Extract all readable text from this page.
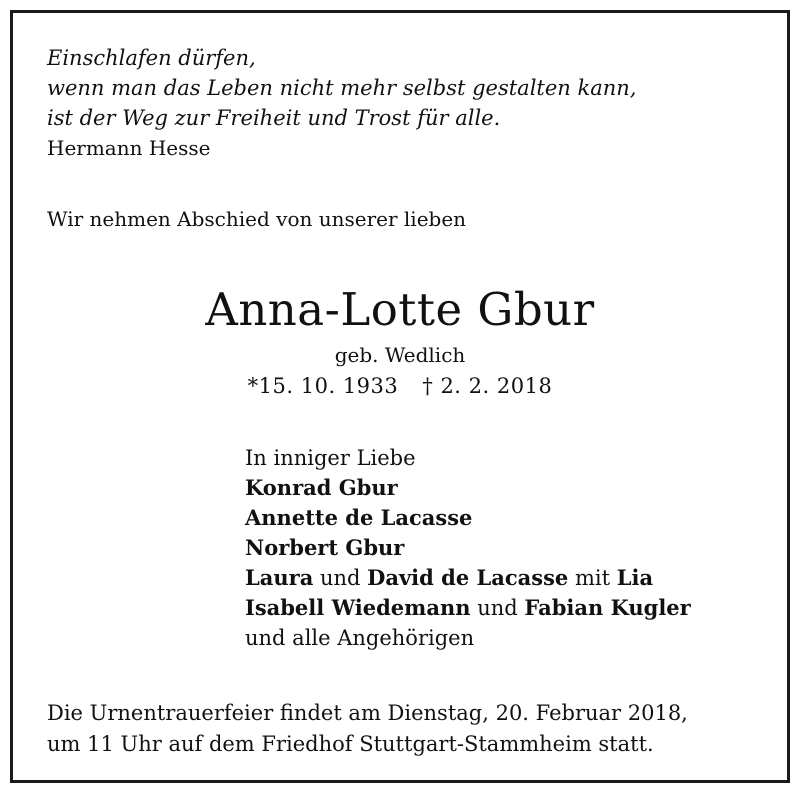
Einschlafen dürfen,
wenn man das Leben nicht mehr selbst gestalten kann,
ist der Weg zur Freiheit und Trost für alle.
Hermann Hesse
Wir nehmen Abschied von unserer lieben
Anna-Lotte Gbur
geb. Wedlich
*15. 10. 1933 † 2. 2. 2018
In inniger Liebe
Konrad Gbur
Annette de Lacasse
Norbert Gbur
Laura und David de Lacasse mit Lia
Isabell Wiedemann und Fabian Kugler
und alle Angehörigen
Die Urnentrauerfeier findet am Dienstag, 20. Februar 2018,
um 11 Uhr auf dem Friedhof Stuttgart-Stammheim statt.
